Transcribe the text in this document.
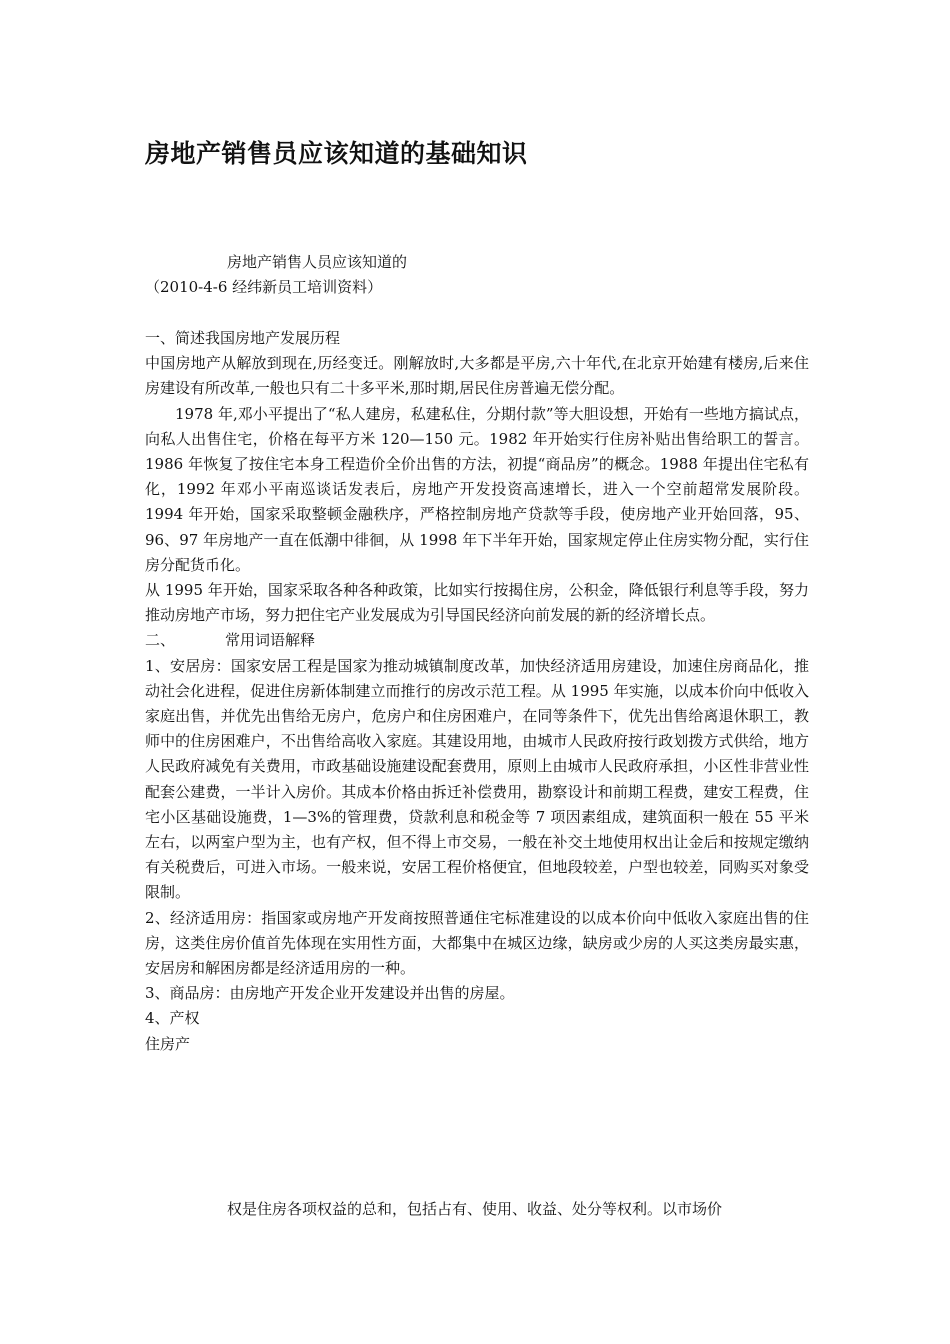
房地产销售员应该知道的基础知识
房地产销售人员应该知道的
（2010-4-6 经纬新员工培训资料）

一、简述我国房地产发展历程

中国房地产从解放到现在,历经变迁。刚解放时,大多都是平房,六十年代,在北京开始建有楼房,后来住房建设有所改革,一般也只有二十多平米,那时期,居民住房普遍无偿分配。

1978 年,邓小平提出了“私人建房，私建私住，分期付款”等大胆设想，开始有一些地方搞试点，向私人出售住宅，价格在每平方米 120—150 元。1982 年开始实行住房补贴出售给职工的誓言。1986 年恢复了按住宅本身工程造价全价出售的方法，初提“商品房”的概念。1988 年提出住宅私有化，1992 年邓小平南巡谈话发表后，房地产开发投资高速增长，进入一个空前超常发展阶段。1994 年开始，国家采取整顿金融秩序，严格控制房地产贷款等手段，使房地产业开始回落，95、96、97 年房地产一直在低潮中徘徊，从 1998 年下半年开始，国家规定停止住房实物分配，实行住房分配货币化。

从 1995 年开始，国家采取各种各种政策，比如实行按揭住房，公积金，降低银行利息等手段，努力推动房地产市场，努力把住宅产业发展成为引导国民经济向前发展的新的经济增长点。

二、	常用词语解释

1、安居房：国家安居工程是国家为推动城镇制度改革，加快经济适用房建设，加速住房商品化，推动社会化进程，促进住房新体制建立而推行的房改示范工程。从 1995 年实施，以成本价向中低收入家庭出售，并优先出售给无房户，危房户和住房困难户，在同等条件下，优先出售给离退休职工，教师中的住房困难户，不出售给高收入家庭。其建设用地，由城市人民政府按行政划拨方式供给，地方人民政府减免有关费用，市政基础设施建设配套费用，原则上由城市人民政府承担，小区性非营业性配套公建费，一半计入房价。其成本价格由拆迁补偿费用，勘察设计和前期工程费，建安工程费，住宅小区基础设施费，1—3%的管理费，贷款利息和税金等 7 项因素组成，建筑面积一般在 55 平米左右，以两室户型为主，也有产权，但不得上市交易，一般在补交土地使用权出让金后和按规定缴纳有关税费后，可进入市场。一般来说，安居工程价格便宜，但地段较差，户型也较差，同购买对象受限制。

2、经济适用房：指国家或房地产开发商按照普通住宅标准建设的以成本价向中低收入家庭出售的住房，这类住房价值首先体现在实用性方面，大都集中在城区边缘，缺房或少房的人买这类房最实惠，安居房和解困房都是经济适用房的一种。

3、商品房：由房地产开发企业开发建设并出售的房屋。

4、产权

住房产

权是住房各项权益的总和，包括占有、使用、收益、处分等权利。以市场价
